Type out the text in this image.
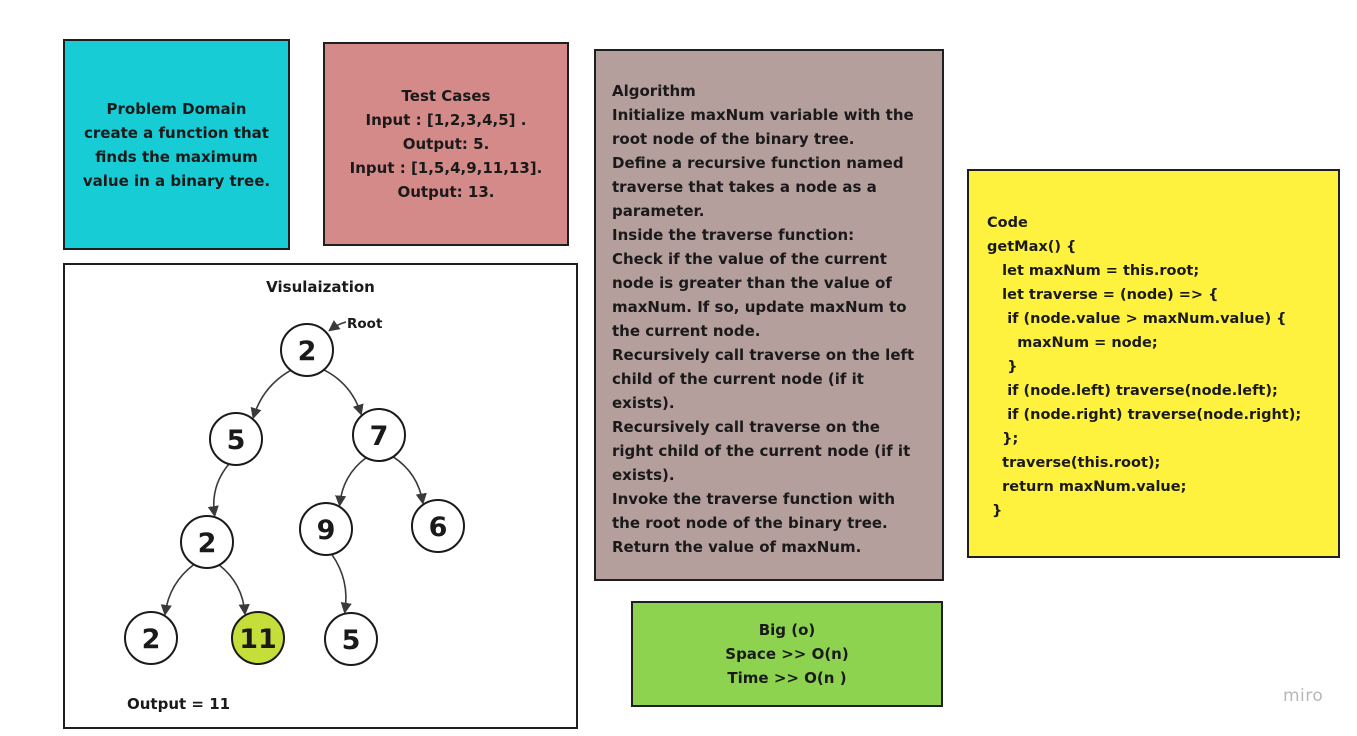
Problem Domain
create a function that
finds the maximum
value in a binary tree.
Test Cases
Input : [1,2,3,4,5] .
Output: 5.
Input : [1,5,4,9,11,13].
Output: 13.
Algorithm
Initialize maxNum variable with the
root node of the binary tree.
Define a recursive function named
traverse that takes a node as a
parameter.
Inside the traverse function:
Check if the value of the current
node is greater than the value of
maxNum. If so, update maxNum to
the current node.
Recursively call traverse on the left
child of the current node (if it
exists).
Recursively call traverse on the
right child of the current node (if it
exists).
Invoke the traverse function with
the root node of the binary tree.
Return the value of maxNum.
Code
getMax() {
let maxNum = this.root;
let traverse = (node) => {
if (node.value > maxNum.value) {
maxNum = node;
}
if (node.left) traverse(node.left);
if (node.right) traverse(node.right);
};
traverse(this.root);
return maxNum.value;
}
Big (o)
Space >> O(n)
Time >> O(n )
Visulaization
2
5	7
2	9	6
2	11 5
Root
Output = 11	miro
